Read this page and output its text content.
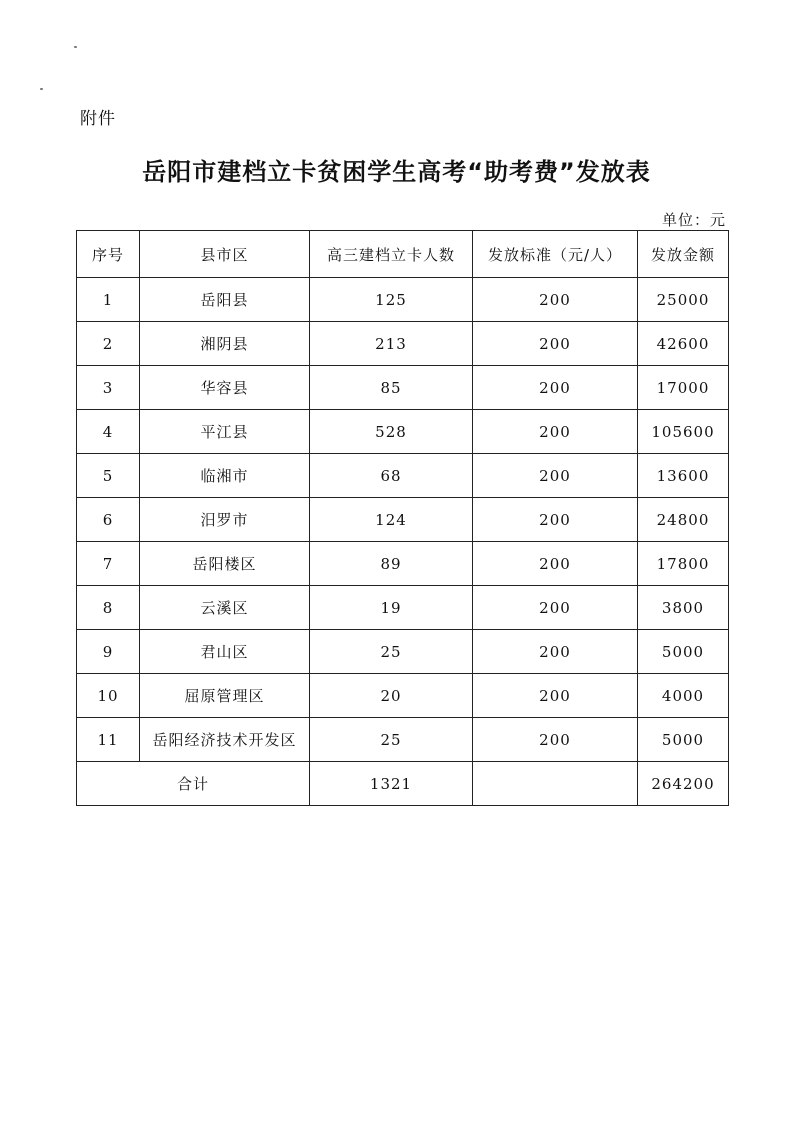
附件
岳阳市建档立卡贫困学生高考“助考费”发放表
单位：元
序号	县市区	高三建档立卡人数	发放标准（元/人）	发放金额
1	岳阳县	125	200	25000
2	湘阴县	213	200	42600
3	华容县	85	200	17000
4	平江县	528	200	105600
5	临湘市	68	200	13600
6	汨罗市	124	200	24800
7	岳阳楼区	89	200	17800
8	云溪区	19	200	3800
9	君山区	25	200	5000
10	屈原管理区	20	200	4000
11	岳阳经济技术开发区	25	200	5000
合计		1321		264200
